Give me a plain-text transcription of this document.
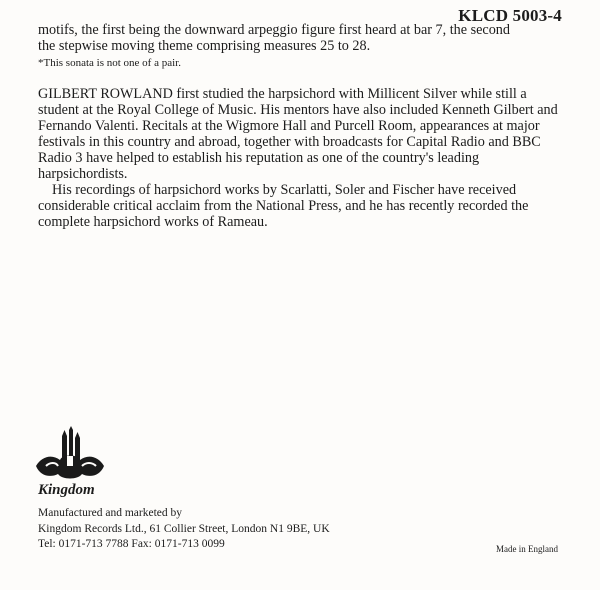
KLCD 5003-4

motifs, the first being the downward arpeggio figure first heard at bar 7, the second

the stepwise moving theme comprising measures 25 to 28.

*This sonata is not one of a pair.

GILBERT ROWLAND first studied the harpsichord with Millicent Silver while still a student at the Royal College of Music. His mentors have also included Kenneth Gilbert and Fernando Valenti. Recitals at the Wigmore Hall and Purcell Room, appearances at major festivals in this country and abroad, together with broadcasts for Capital Radio and BBC Radio 3 have helped to establish his reputation as one of the country's leading harpsichordists.

His recordings of harpsichord works by Scarlatti, Soler and Fischer have received considerable critical acclaim from the National Press, and he has recently recorded the complete harpsichord works of Rameau.

Kingdom
Manufactured and marketed by
Kingdom Records Ltd., 61 Collier Street, London N1 9BE, UK
Tel: 0171-713 7788 Fax: 0171-713 0099	Made in England
